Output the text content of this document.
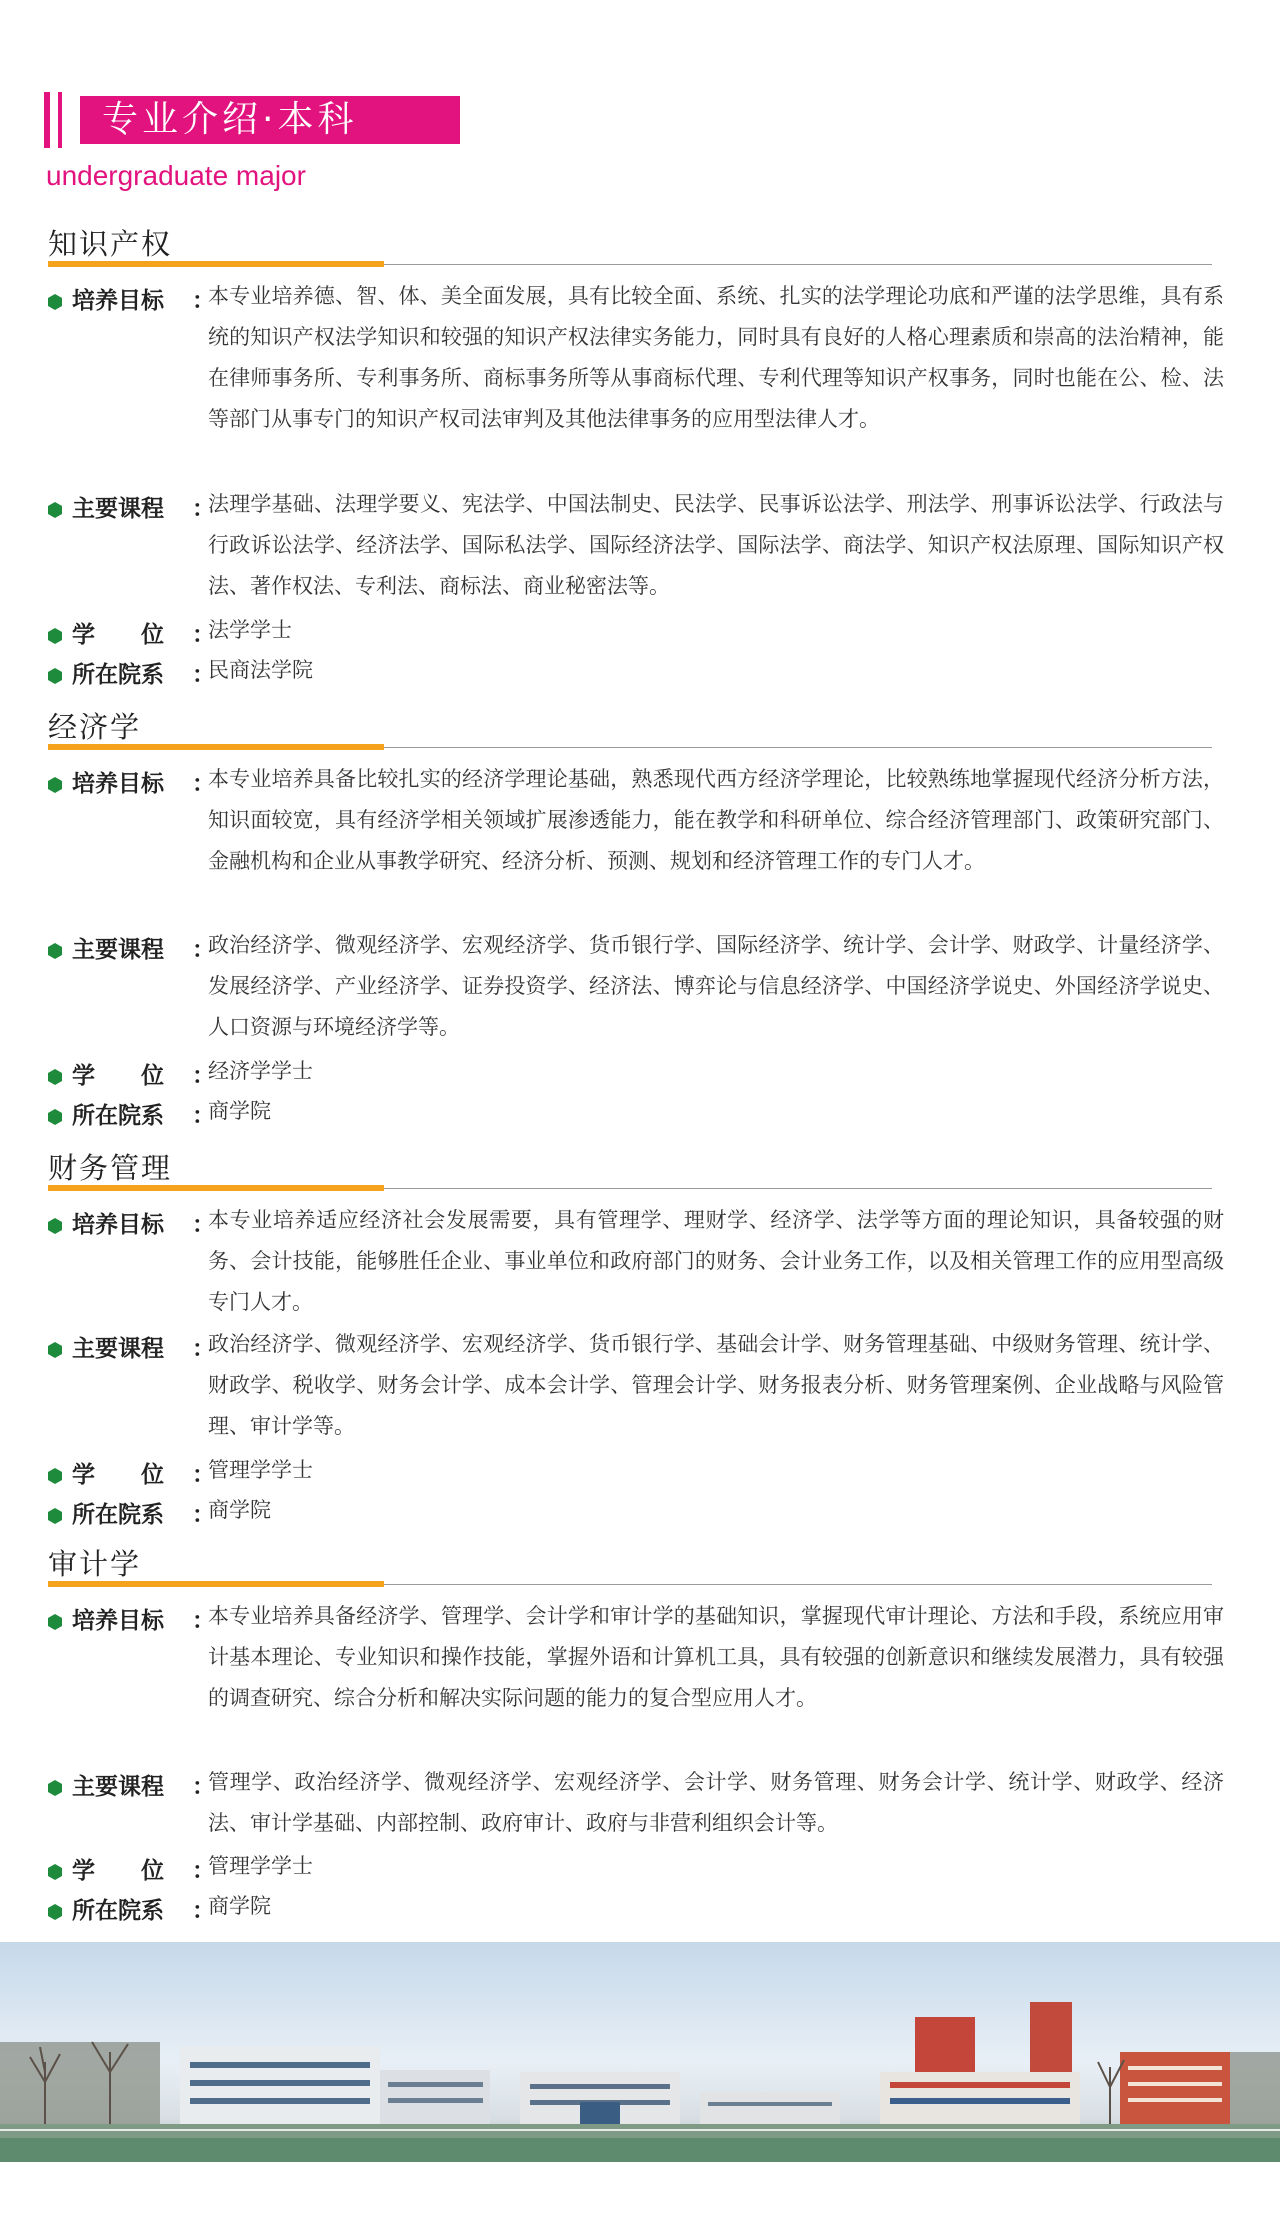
专业介绍·本科
undergraduate major
知识产权
培养目标 ：
本专业培养德、智、体、美全面发展，具有比较全面、系统、扎实的法学理论功底和严谨的法学思维，具有系统的知识产权法学知识和较强的知识产权法律实务能力，同时具有良好的人格心理素质和崇高的法治精神，能在律师事务所、专利事务所、商标事务所等从事商标代理、专利代理等知识产权事务，同时也能在公、检、法等部门从事专门的知识产权司法审判及其他法律事务的应用型法律人才。
主要课程 ：
法理学基础、法理学要义、宪法学、中国法制史、民法学、民事诉讼法学、刑法学、刑事诉讼法学、行政法与行政诉讼法学、经济法学、国际私法学、国际经济法学、国际法学、商法学、知识产权法原理、国际知识产权法、著作权法、专利法、商标法、商业秘密法等。
学　　位 ：
法学学士
所在院系 ：
民商法学院
经济学
培养目标 ：
本专业培养具备比较扎实的经济学理论基础，熟悉现代西方经济学理论，比较熟练地掌握现代经济分析方法，知识面较宽，具有经济学相关领域扩展渗透能力，能在教学和科研单位、综合经济管理部门、政策研究部门、金融机构和企业从事教学研究、经济分析、预测、规划和经济管理工作的专门人才。
主要课程 ：
政治经济学、微观经济学、宏观经济学、货币银行学、国际经济学、统计学、会计学、财政学、计量经济学、发展经济学、产业经济学、证券投资学、经济法、博弈论与信息经济学、中国经济学说史、外国经济学说史、人口资源与环境经济学等。
学　　位 ：
经济学学士
所在院系 ：
商学院
财务管理
培养目标 ：
本专业培养适应经济社会发展需要，具有管理学、理财学、经济学、法学等方面的理论知识，具备较强的财务、会计技能，能够胜任企业、事业单位和政府部门的财务、会计业务工作，以及相关管理工作的应用型高级专门人才。
主要课程 ：
政治经济学、微观经济学、宏观经济学、货币银行学、基础会计学、财务管理基础、中级财务管理、统计学、财政学、税收学、财务会计学、成本会计学、管理会计学、财务报表分析、财务管理案例、企业战略与风险管理、审计学等。
学　　位 ：
管理学学士
所在院系 ：
商学院
审计学
培养目标 ：
本专业培养具备经济学、管理学、会计学和审计学的基础知识，掌握现代审计理论、方法和手段，系统应用审计基本理论、专业知识和操作技能，掌握外语和计算机工具，具有较强的创新意识和继续发展潜力，具有较强的调查研究、综合分析和解决实际问题的能力的复合型应用人才。
主要课程 ：
管理学、政治经济学、微观经济学、宏观经济学、会计学、财务管理、财务会计学、统计学、财政学、经济法、审计学基础、内部控制、政府审计、政府与非营利组织会计等。
学　　位 ：
管理学学士
所在院系 ：
商学院
